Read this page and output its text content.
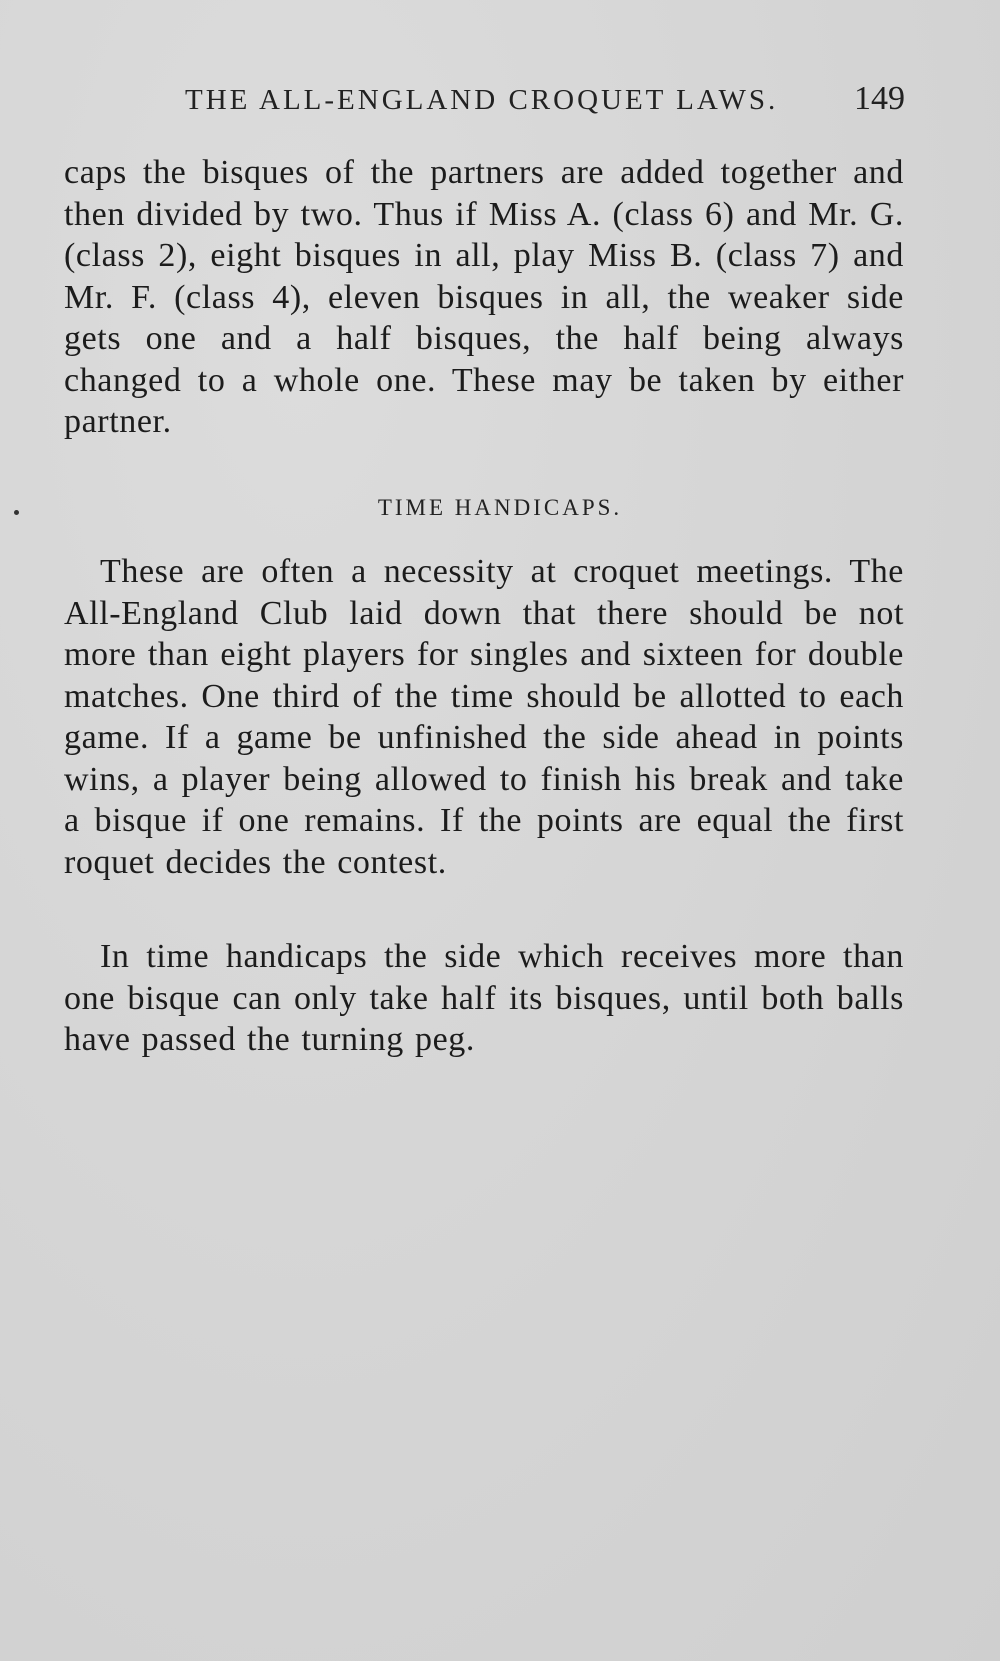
THE ALL-ENGLAND CROQUET LAWS. 149

caps the bisques of the partners are added together and then divided by two. Thus if Miss A. (class 6) and Mr. G. (class 2), eight bisques in all, play Miss B. (class 7) and Mr. F. (class 4), eleven bisques in all, the weaker side gets one and a half bisques, the half being always changed to a whole one. These may be taken by either partner.

TIME HANDICAPS.

These are often a necessity at croquet meetings. The All-England Club laid down that there should be not more than eight players for singles and sixteen for double matches. One third of the time should be allotted to each game. If a game be unfinished the side ahead in points wins, a player being allowed to finish his break and take a bisque if one remains. If the points are equal the first roquet decides the contest.

In time handicaps the side which receives more than one bisque can only take half its bisques, until both balls have passed the turning peg.
